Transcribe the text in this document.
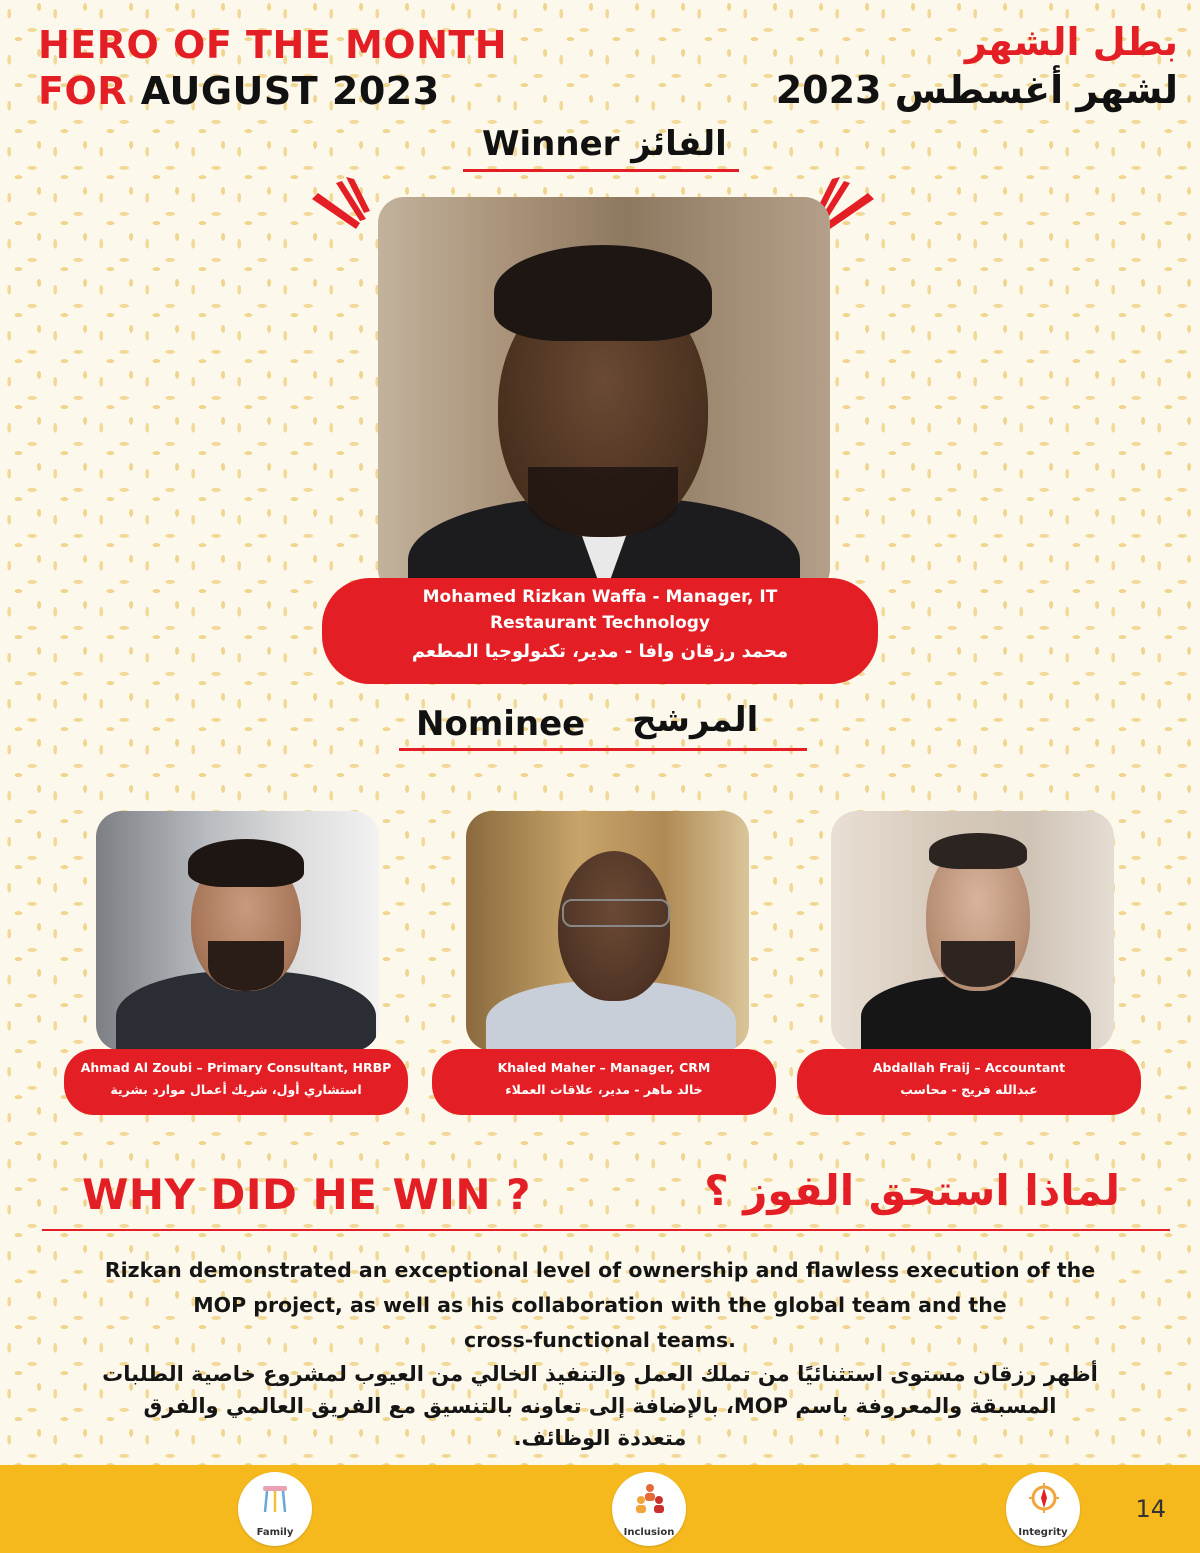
HERO OF THE MONTH
FOR AUGUST 2023
بطل الشهر
لشهر أغسطس 2023
Winner الفائز
Mohamed Rizkan Waffa - Manager, IT
Restaurant Technology
محمد رزقان وافا - مدير، تكنولوجيا المطعم
Nominee المرشح
Ahmad Al Zoubi – Primary Consultant, HRBP
استشاري أول، شريك أعمال موارد بشرية
Khaled Maher – Manager, CRM
خالد ماهر - مدير، علاقات العملاء
Abdallah Fraij – Accountant
عبدالله فريج - محاسب
WHY DID HE WIN ?	لماذا استحق الفوز ؟
Rizkan demonstrated an exceptional level of ownership and flawless execution of the
MOP project, as well as his collaboration with the global team and the
cross-functional teams.
أظهر رزقان مستوى استثنائيًا من تملك العمل والتنفيذ الخالي من العيوب لمشروع خاصية الطلبات
المسبقة والمعروفة باسم MOP، بالإضافة إلى تعاونه بالتنسيق مع الفريق العالمي والفرق
متعددة الوظائف.
Family	Inclusion	Integrity
14
